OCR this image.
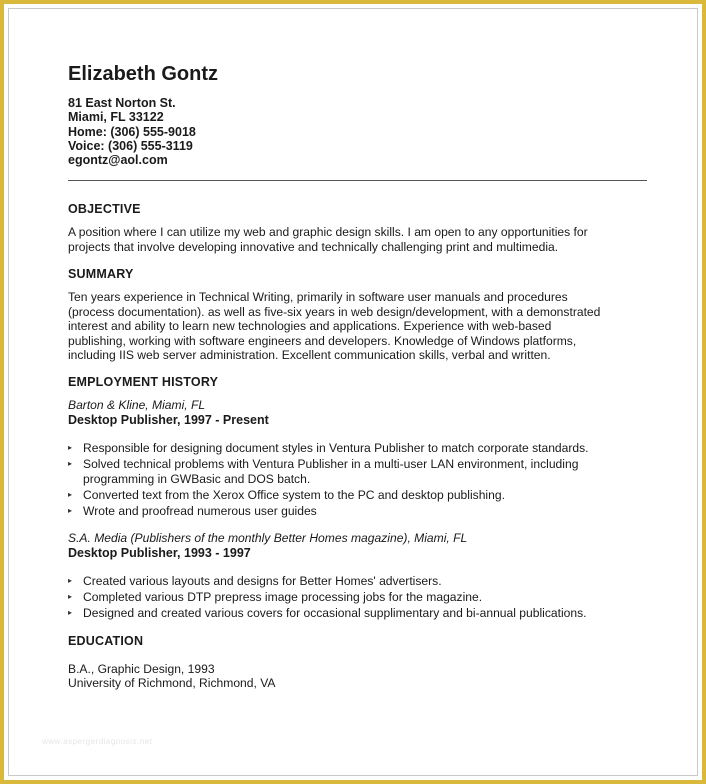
Elizabeth Gontz
81 East Norton St.
Miami, FL 33122
Home: (306) 555-9018
Voice: (306) 555-3119
egontz@aol.com
OBJECTIVE

A position where I can utilize my web and graphic design skills. I am open to any opportunities for

projects that involve developing innovative and technically challenging print and multimedia.

SUMMARY

Ten years experience in Technical Writing, primarily in software user manuals and procedures

(process documentation). as well as five-six years in web design/development, with a demonstrated

interest and ability to learn new technologies and applications. Experience with web-based

publishing, working with software engineers and developers. Knowledge of Windows platforms,

including IIS web server administration. Excellent communication skills, verbal and written.

EMPLOYMENT HISTORY

Barton & Kline, Miami, FL

Desktop Publisher, 1997 - Present

▸ Responsible for designing document styles in Ventura Publisher to match corporate standards.
▸ Solved technical problems with Ventura Publisher in a multi-user LAN environment, including programming in GWBasic and DOS batch.
▸ Converted text from the Xerox Office system to the PC and desktop publishing.
▸ Wrote and proofread numerous user guides

S.A. Media (Publishers of the monthly Better Homes magazine), Miami, FL

Desktop Publisher, 1993 - 1997

▸ Created various layouts and designs for Better Homes' advertisers.
▸ Completed various DTP prepress image processing jobs for the magazine.
▸ Designed and created various covers for occasional supplimentary and bi-annual publications.
EDUCATION

B.A., Graphic Design, 1993

University of Richmond, Richmond, VA

www.aspergerdiagnosis.net
